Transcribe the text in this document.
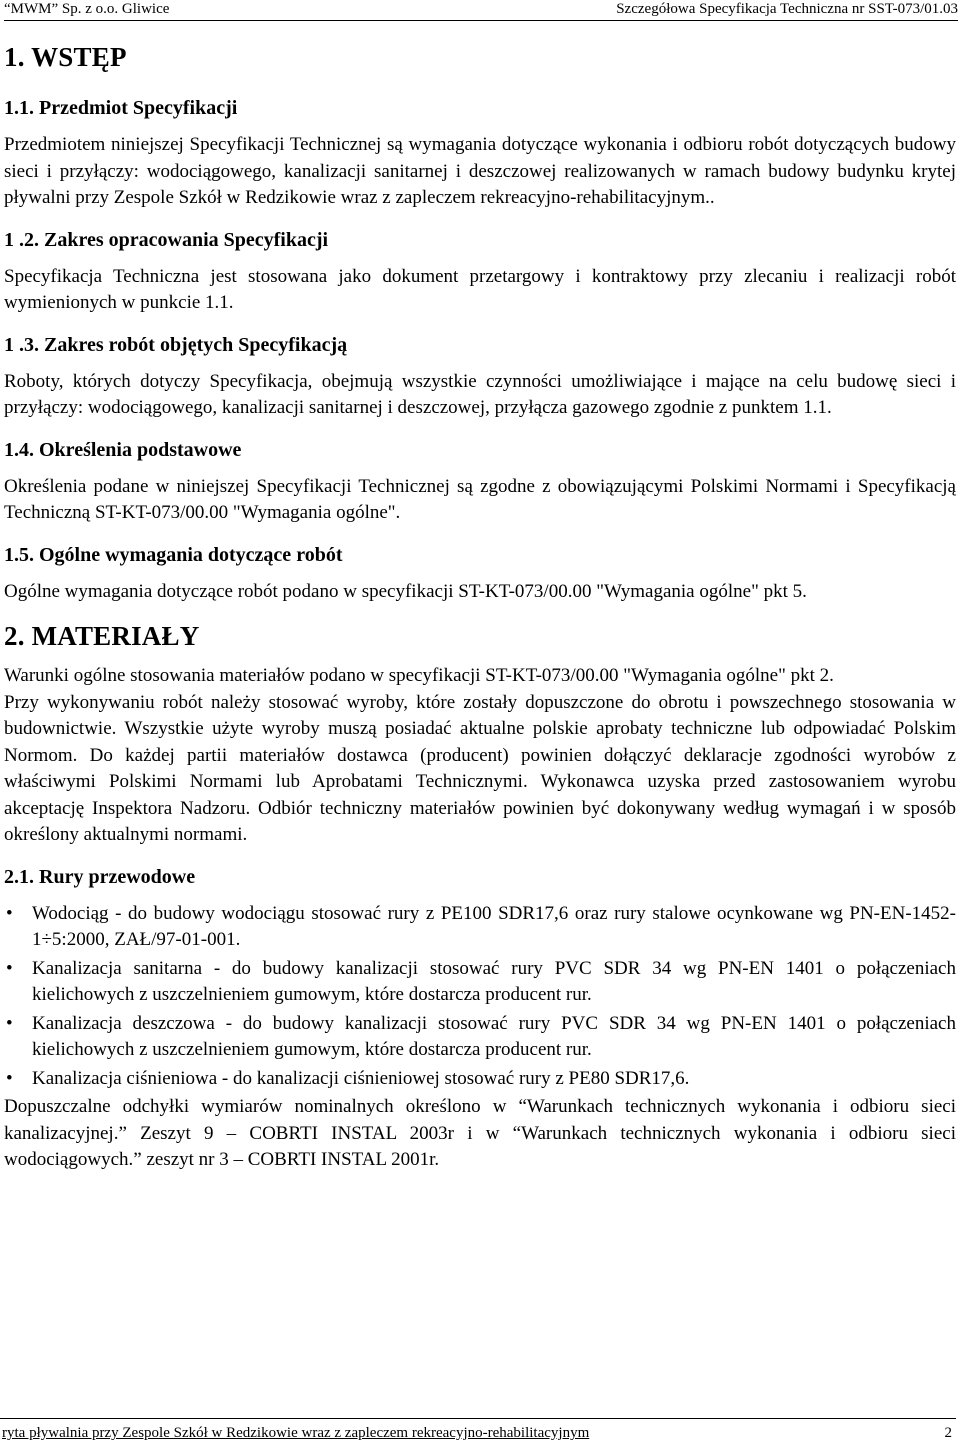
“MWM” Sp. z o.o. Gliwice	Szczegółowa Specyfikacja Techniczna nr SST-073/01.03
1. WSTĘP
1.1. Przedmiot Specyfikacji

Przedmiotem niniejszej Specyfikacji Technicznej są wymagania dotyczące wykonania i odbioru robót dotyczących budowy sieci i przyłączy: wodociągowego, kanalizacji sanitarnej i deszczowej realizowanych w ramach budowy budynku krytej pływalni przy Zespole Szkół w Redzikowie wraz z zapleczem rekreacyjno-rehabilitacyjnym..

1 .2. Zakres opracowania Specyfikacji

Specyfikacja Techniczna jest stosowana jako dokument przetargowy i kontraktowy przy zlecaniu i realizacji robót wymienionych w punkcie 1.1.

1 .3. Zakres robót objętych Specyfikacją

Roboty, których dotyczy Specyfikacja, obejmują wszystkie czynności umożliwiające i mające na celu budowę sieci i przyłączy: wodociągowego, kanalizacji sanitarnej i deszczowej, przyłącza gazowego zgodnie z punktem 1.1.

1.4. Określenia podstawowe

Określenia podane w niniejszej Specyfikacji Technicznej są zgodne z obowiązującymi Polskimi Normami i Specyfikacją Techniczną ST-KT-073/00.00 "Wymagania ogólne".

1.5. Ogólne wymagania dotyczące robót

Ogólne wymagania dotyczące robót podano w specyfikacji ST-KT-073/00.00 "Wymagania ogólne" pkt 5.

2. MATERIAŁY

Warunki ogólne stosowania materiałów podano w specyfikacji ST-KT-073/00.00 "Wymagania ogólne" pkt 2.

Przy wykonywaniu robót należy stosować wyroby, które zostały dopuszczone do obrotu i powszechnego stosowania w budownictwie. Wszystkie użyte wyroby muszą posiadać aktualne polskie aprobaty techniczne lub odpowiadać Polskim Normom. Do każdej partii materiałów dostawca (producent) powinien dołączyć deklaracje zgodności wyrobów z właściwymi Polskimi Normami lub Aprobatami Technicznymi. Wykonawca uzyska przed zastosowaniem wyrobu akceptację Inspektora Nadzoru. Odbiór techniczny materiałów powinien być dokonywany według wymagań i w sposób określony aktualnymi normami.

2.1. Rury przewodowe
• Wodociąg - do budowy wodociągu stosować rury z PE100 SDR17,6 oraz rury stalowe ocynkowane wg PN-EN-1452-1÷5:2000, ZAŁ/97-01-001.
• Kanalizacja sanitarna - do budowy kanalizacji stosować rury PVC SDR 34 wg PN-EN 1401 o połączeniach kielichowych z uszczelnieniem gumowym, które dostarcza producent rur.
• Kanalizacja deszczowa - do budowy kanalizacji stosować rury PVC SDR 34 wg PN-EN 1401 o połączeniach kielichowych z uszczelnieniem gumowym, które dostarcza producent rur.
• Kanalizacja ciśnieniowa - do kanalizacji ciśnieniowej stosować rury z PE80 SDR17,6.

Dopuszczalne odchyłki wymiarów nominalnych określono w “Warunkach technicznych wykonania i odbioru sieci kanalizacyjnej.” Zeszyt 9 – COBRTI INSTAL 2003r i w “Warunkach technicznych wykonania i odbioru sieci wodociągowych.” zeszyt nr 3 – COBRTI INSTAL 2001r.

ryta pływalnia przy Zespole Szkół w Redzikowie wraz z zapleczem rekreacyjno-rehabilitacyjnym	2
